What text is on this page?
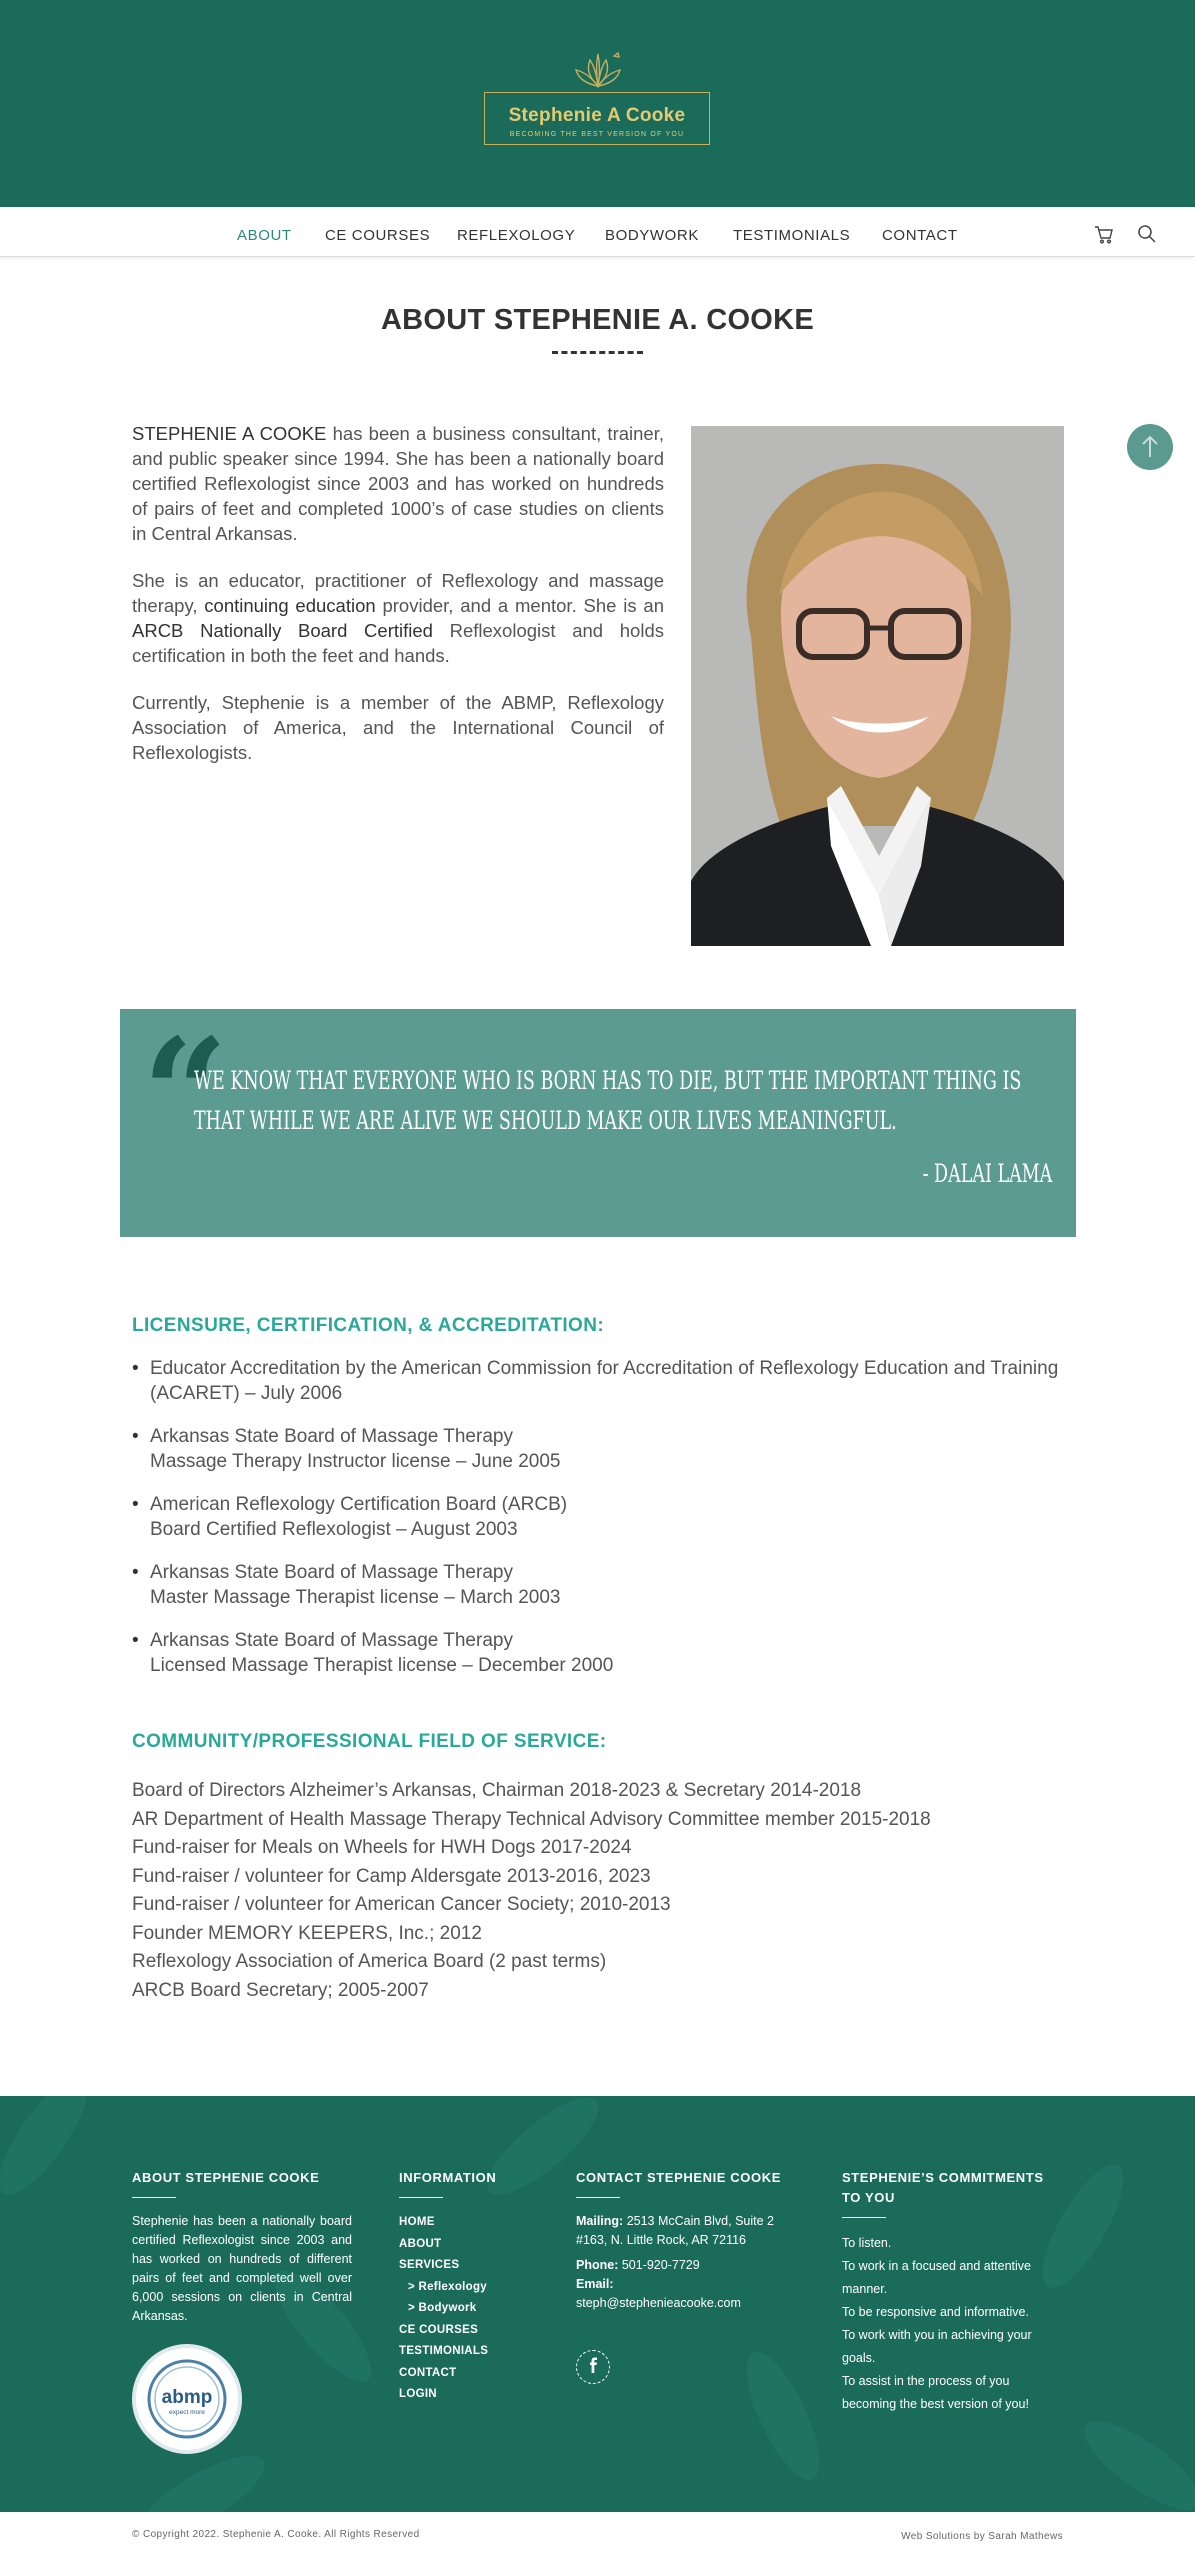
Stephenie A Cooke
BECOMING THE BEST VERSION OF YOU
ABOUT CE COURSES REFLEXOLOGY BODYWORK TESTIMONIALS CONTACT
ABOUT STEPHENIE A. COOKE

STEPHENIE A COOKE has been a business consultant, trainer, and public speaker since 1994. She has been a nationally board certified Reflexologist since 2003 and has worked on hundreds of pairs of feet and completed 1000’s of case studies on clients in Central Arkansas.

She is an educator, practitioner of Reflexology and massage therapy, continuing education provider, and a mentor. She is an ARCB Nationally Board Certified Reflexologist and holds certification in both the feet and hands.

Currently, Stephenie is a member of the ABMP, Reflexology Association of America, and the International Council of Reflexologists.

“
WE KNOW THAT EVERYONE WHO IS BORN HAS TO DIE, BUT THE IMPORTANT THING IS THAT WHILE WE ARE ALIVE WE SHOULD MAKE OUR LIVES MEANINGFUL.
- DALAI LAMA
LICENSURE, CERTIFICATION, & ACCREDITATION:
• Educator Accreditation by the American Commission for Accreditation of Reflexology Education and Training (ACARET) – July 2006
• Arkansas State Board of Massage Therapy
Massage Therapy Instructor license – June 2005
• American Reflexology Certification Board (ARCB)
Board Certified Reflexologist – August 2003
• Arkansas State Board of Massage Therapy
Master Massage Therapist license – March 2003
• Arkansas State Board of Massage Therapy
Licensed Massage Therapist license – December 2000
COMMUNITY/PROFESSIONAL FIELD OF SERVICE:
Board of Directors Alzheimer’s Arkansas, Chairman 2018-2023 & Secretary 2014-2018
AR Department of Health Massage Therapy Technical Advisory Committee member 2015-2018
Fund-raiser for Meals on Wheels for HWH Dogs 2017-2024
Fund-raiser / volunteer for Camp Aldersgate 2013-2016, 2023
Fund-raiser / volunteer for American Cancer Society; 2010-2013
Founder MEMORY KEEPERS, Inc.; 2012
Reflexology Association of America Board (2 past terms)
ARCB Board Secretary; 2005-2007
ABOUT STEPHENIE COOKE
Stephenie has been a nationally board certified Reflexologist since 2003 and has worked on hundreds of different pairs of feet and completed well over 6,000 sessions on clients in Central Arkansas.
abmp
expect more
INFORMATION
HOME
ABOUT
SERVICES
> Reflexology
> Bodywork
CE COURSES
TESTIMONIALS
CONTACT
LOGIN
CONTACT STEPHENIE COOKE
Mailing: 2513 McCain Blvd, Suite 2 #163, N. Little Rock, AR 72116
Phone: 501-920-7729
Email:
steph@stephenieacooke.com
STEPHENIE’S COMMITMENTS TO YOU
To listen.
To work in a focused and attentive manner.
To be responsive and informative.
To work with you in achieving your goals.
To assist in the process of you becoming the best version of you!
© Copyright 2022. Stephenie A. Cooke. All Rights Reserved	Web Solutions by Sarah Mathews
